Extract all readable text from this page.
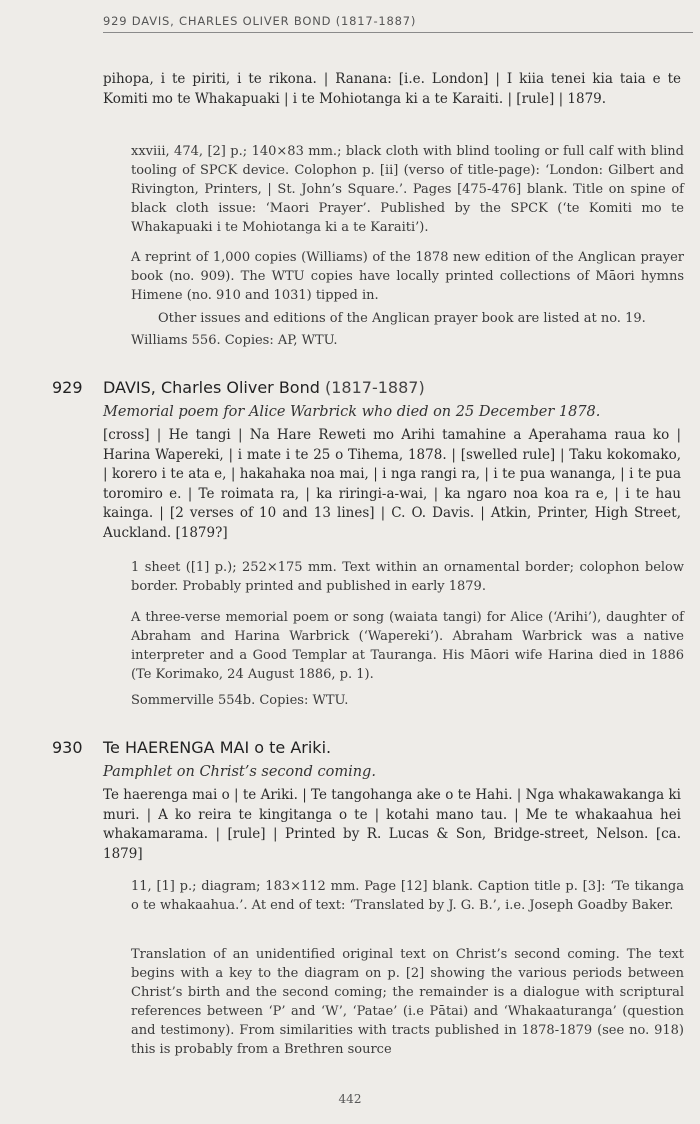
929 DAVIS, CHARLES OLIVER BOND (1817-1887)
pihopa, i te piriti, i te rikona. | Ranana: [i.e. London] | I kiia tenei kia taia e te Komiti mo te Whakapuaki | i te Mohiotanga ki a te Karaiti. | [rule] | 1879.
xxviii, 474, [2] p.; 140×83 mm.; black cloth with blind tooling or full calf with blind tooling of SPCK device. Colophon p. [ii] (verso of title-page): ‘London: Gilbert and Rivington, Printers, | St. John’s Square.’. Pages [475-476] blank. Title on spine of black cloth issue: ‘Maori Prayer’. Published by the SPCK (‘te Komiti mo te Whakapuaki i te Mohiotanga ki a te Karaiti’).
A reprint of 1,000 copies (Williams) of the 1878 new edition of the Anglican prayer book (no. 909). The WTU copies have locally printed collections of Māori hymns Himene (no. 910 and 1031) tipped in.
Other issues and editions of the Anglican prayer book are listed at no. 19.
Williams 556. Copies: AP, WTU.
929 DAVIS, Charles Oliver Bond (1817-1887)
Memorial poem for Alice Warbrick who died on 25 December 1878.
[cross] | He tangi | Na Hare Reweti mo Arihi tamahine a Aperahama raua ko | Harina Wapereki, | i mate i te 25 o Tihema, 1878. | [swelled rule] | Taku kokomako, | korero i te ata e, | hakahaka noa mai, | i nga rangi ra, | i te pua wananga, | i te pua toromiro e. | Te roimata ra, | ka riringi-a-wai, | ka ngaro noa koa ra e, | i te hau kainga. | [2 verses of 10 and 13 lines] | C. O. Davis. | Atkin, Printer, High Street, Auckland. [1879?]
1 sheet ([1] p.); 252×175 mm. Text within an ornamental border; colophon below border. Probably printed and published in early 1879.
A three-verse memorial poem or song (waiata tangi) for Alice (‘Arihi’), daughter of Abraham and Harina Warbrick (‘Wapereki’). Abraham Warbrick was a native interpreter and a Good Templar at Tauranga. His Māori wife Harina died in 1886 (Te Korimako, 24 August 1886, p. 1).
Sommerville 554b. Copies: WTU.
930 Te HAERENGA MAI o te Ariki.
Pamphlet on Christ’s second coming.
Te haerenga mai o | te Ariki. | Te tangohanga ake o te Hahi. | Nga whakawakanga ki muri. | A ko reira te kingitanga o te | kotahi mano tau. | Me te whakaahua hei whakamarama. | [rule] | Printed by R. Lucas & Son, Bridge-street, Nelson. [ca. 1879]
11, [1] p.; diagram; 183×112 mm. Page [12] blank. Caption title p. [3]: ‘Te tikanga o te whakaahua.’. At end of text: ‘Translated by J. G. B.’, i.e. Joseph Goadby Baker.
Translation of an unidentified original text on Christ’s second coming. The text begins with a key to the diagram on p. [2] showing the various periods between Christ’s birth and the second coming; the remainder is a dialogue with scriptural references between ‘P’ and ‘W’, ‘Patae’ (i.e Pātai) and ‘Whakaaturanga’ (question and testimony). From similarities with tracts published in 1878-1879 (see no. 918) this is probably from a Brethren source
442
